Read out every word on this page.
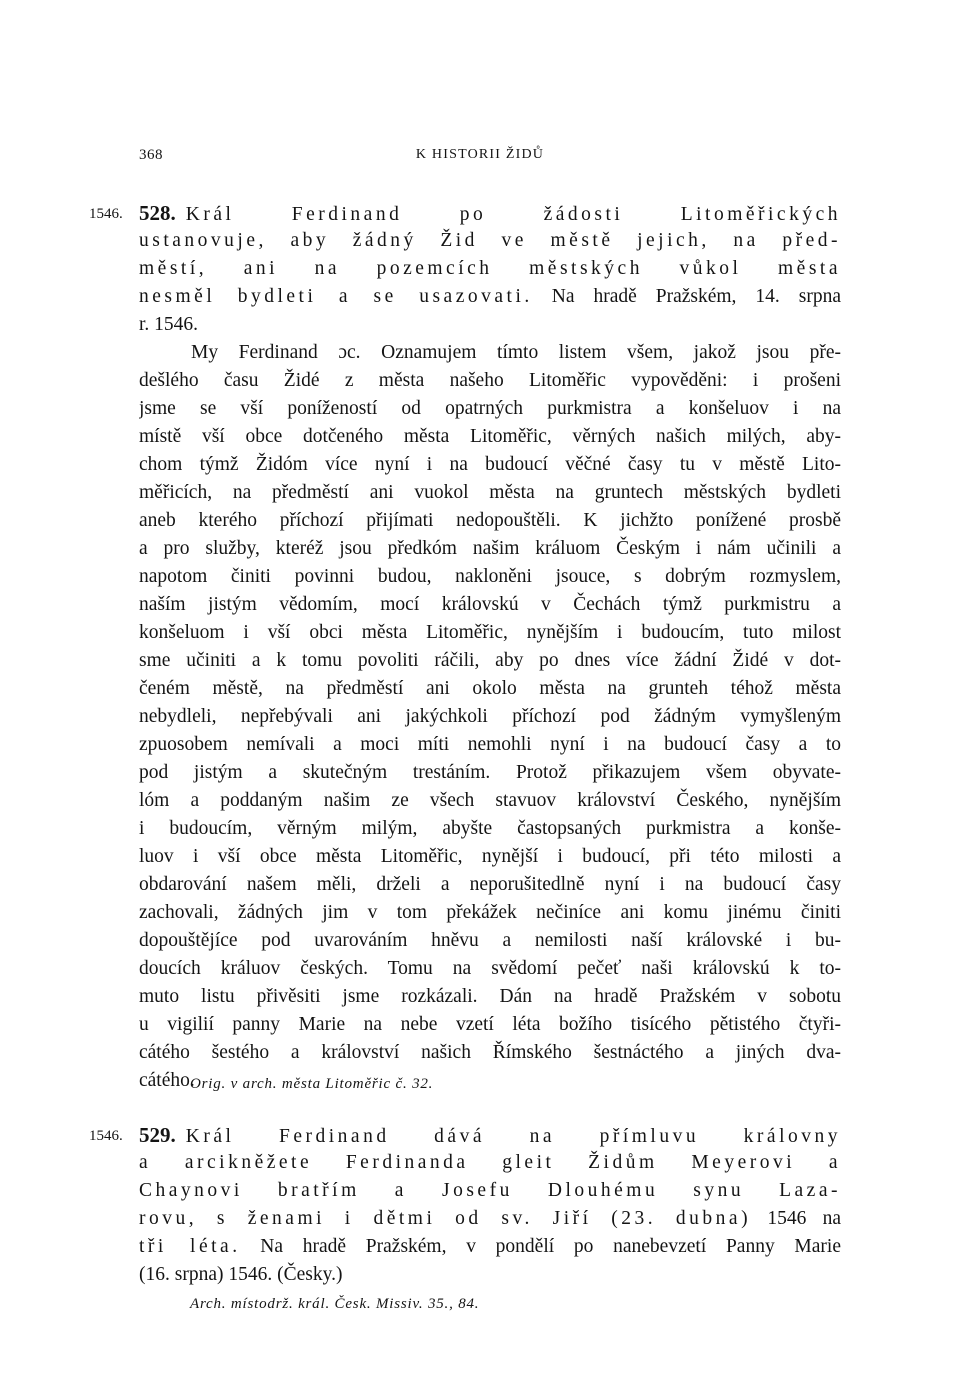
368	K HISTORII ŽIDŮ
1546. 528. Král Ferdinand po žádosti Litoměřických
ustanovuje, aby žádný Žid ve městě jejich, na před-
městí, ani na pozemcích městských vůkol města
nesměl bydleti a se usazovati. Na hradě Pražském, 14. srpna
r. 1546.
My Ferdinand ɔc. Oznamujem tímto listem všem, jakož jsou pře-
dešlého času Židé z města našeho Litoměřic vypověděni: i prošeni
jsme se vší ponížeností od opatrných purkmistra a konšeluov i na
místě vší obce dotčeného města Litoměřic, věrných našich milých, aby-
chom týmž Židóm více nyní i na budoucí věčné časy tu v městě Lito-
měřicích, na předměstí ani vuokol města na gruntech městských bydleti
aneb kterého příchozí přijímati nedopouštěli. K jichžto ponížené prosbě
a pro služby, kteréž jsou předkóm našim králuom Českým i nám učinili a
napotom činiti povinni budou, nakloněni jsouce, s dobrým rozmyslem,
naším jistým vědomím, mocí královskú v Čechách týmž purkmistru a
konšeluom i vší obci města Litoměřic, nynějším i budoucím, tuto milost
sme učiniti a k tomu povoliti ráčili, aby po dnes více žádní Židé v dot-
čeném městě, na předměstí ani okolo města na grunteh téhož města
nebydleli, nepřebývali ani jakýchkoli příchozí pod žádným vymyšleným
zpuosobem nemívali a moci míti nemohli nyní i na budoucí časy a to
pod jistým a skutečným trestáním. Protož přikazujem všem obyvate-
lóm a poddaným našim ze všech stavuov království Českého, nynějším
i budoucím, věrným milým, abyšte častopsaných purkmistra a konše-
luov i vší obce města Litoměřic, nynější i budoucí, při této milosti a
obdarování našem měli, drželi a neporušitedlně nyní i na budoucí časy
zachovali, žádných jim v tom překážek nečiníce ani komu jinému činiti
dopouštějíce pod uvarováním hněvu a nemilosti naší královské i bu-
doucích králuov českých. Tomu na svědomí pečeť naši královskú k to-
muto listu přivěsiti jsme rozkázali. Dán na hradě Pražském v sobotu
u vigilií panny Marie na nebe vzetí léta božího tisícého pětistého čtyři-
cátého šestého a království našich Římského šestnáctého a jiných dva-
cátého.
Orig. v arch. města Litoměřic č. 32.
1546. 529. Král Ferdinand dává na přímluvu královny
a arcikněžete Ferdinanda gleit Židům Meyerovi a
Chaynovi bratřím a Josefu Dlouhému synu Laza-
rovu, s ženami i dětmi od sv. Jiří (23. dubna) 1546 na
tři léta. Na hradě Pražském, v pondělí po nanebevzetí Panny Marie
(16. srpna) 1546. (Česky.)
Arch. místodrž. král. Česk. Missiv. 35., 84.
